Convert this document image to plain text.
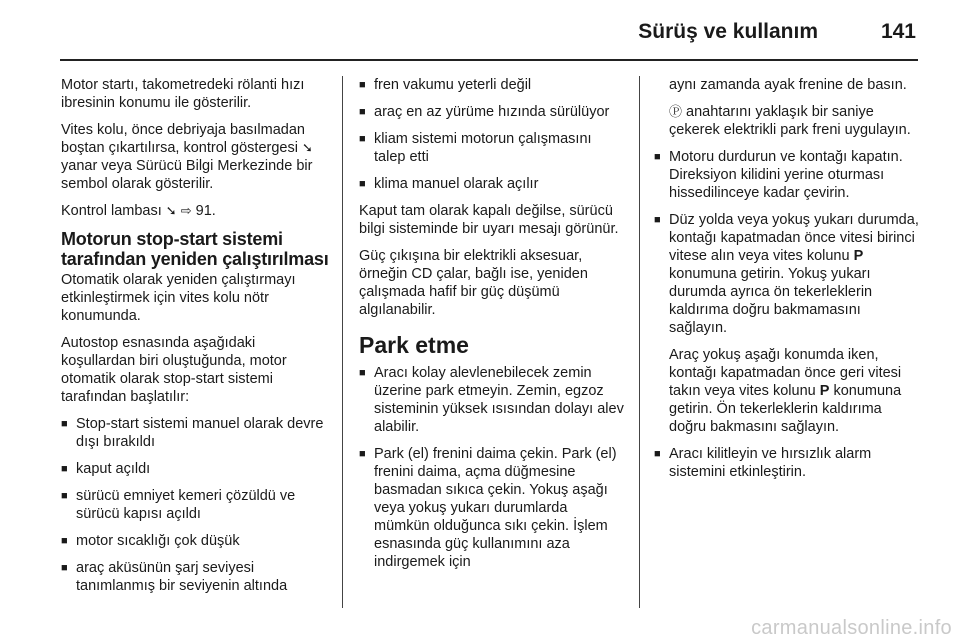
Sürüş ve kullanım	141

Motor startı, takometredeki rölanti hızı ibresinin konumu ile gösterilir.

Vites kolu, önce debriyaja basılmadan boştan çıkartılırsa, kontrol göstergesi ➘ yanar veya Sürücü Bilgi Merkezinde bir sembol olarak gösterilir.

Kontrol lambası ➘ ⇨ 91.

Motorun stop-start sistemi tarafından yeniden çalıştırılması

Otomatik olarak yeniden çalıştırmayı etkinleştirmek için vites kolu nötr konumunda.

Autostop esnasında aşağıdaki koşullardan biri oluştuğunda, motor otomatik olarak stop-start sistemi tarafından başlatılır:

■ Stop-start sistemi manuel olarak devre dışı bırakıldı
■ kaput açıldı
■ sürücü emniyet kemeri çözüldü ve sürücü kapısı açıldı
■ motor sıcaklığı çok düşük
■ araç aküsünün şarj seviyesi tanımlanmış bir seviyenin altında
■ fren vakumu yeterli değil
■ araç en az yürüme hızında sürülüyor
■ kliam sistemi motorun çalışmasını talep etti
■ klima manuel olarak açılır

Kaput tam olarak kapalı değilse, sürücü bilgi sisteminde bir uyarı mesajı görünür.

Güç çıkışına bir elektrikli aksesuar, örneğin CD çalar, bağlı ise, yeniden çalışmada hafif bir güç düşümü algılanabilir.

Park etme
■ Aracı kolay alevlenebilecek zemin üzerine park etmeyin. Zemin, egzoz sisteminin yüksek ısısından dolayı alev alabilir.
■ Park (el) frenini daima çekin. Park (el) frenini daima, açma düğmesine basmadan sıkıca çekin. Yokuş aşağı veya yokuş yukarı durumlarda mümkün olduğunca sıkı çekin. İşlem esnasında güç kullanımını aza indirgemek için

aynı zamanda ayak frenine de basın.

Ⓟ anahtarını yaklaşık bir saniye çekerek elektrikli park freni uygulayın.

■ Motoru durdurun ve kontağı kapatın. Direksiyon kilidini yerine oturması hissedilinceye kadar çevirin.
■ Düz yolda veya yokuş yukarı durumda, kontağı kapatmadan önce vitesi birinci vitese alın veya vites kolunu P konumuna getirin. Yokuş yukarı durumda ayrıca ön tekerleklerin kaldırıma doğru bakmamasını sağlayın.

Araç yokuş aşağı konumda iken, kontağı kapatmadan önce geri vitesi takın veya vites kolunu P konumuna getirin. Ön tekerleklerin kaldırıma doğru bakmasını sağlayın.

■ Aracı kilitleyin ve hırsızlık alarm sistemini etkinleştirin.
carmanualsonline.info
